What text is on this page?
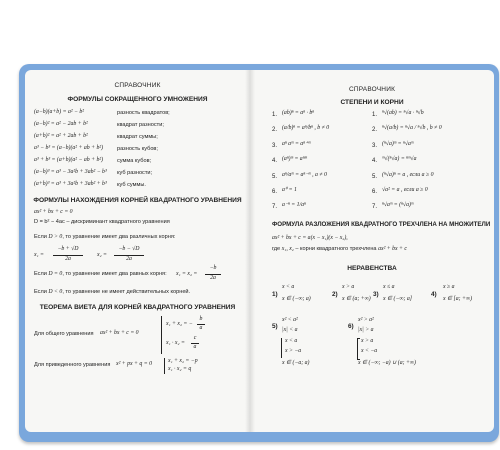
СПРАВОЧНИК
ФОРМУЛЫ СОКРАЩЕННОГО УМНОЖЕНИЯ
(a−b)(a+b) = a² − b²	разность квадратов;
(a−b)² = a² − 2ab + b²	квадрат разности;
(a+b)² = a² + 2ab + b²	квадрат суммы;
a³ − b³ = (a−b)(a² + ab + b²) разность кубов;
a³ + b³ = (a+b)(a² − ab + b²) сумма кубов;
(a−b)³ = a³ − 3a²b + 3ab² − b³ куб разности;
(a+b)³ = a³ + 3a²b + 3ab² + b³ куб суммы.
ФОРМУЛЫ НАХОЖДЕНИЯ КОРНЕЙ КВАДРАТНОГО УРАВНЕНИЯ
ax² + bx + c = 0
D = b² − 4ac – дискриминант квадратного уравнения
Если D > 0, то уравнение имеет два различных корня:
x₁ =
−b + √D
2a
x₂ =
−b − √D
2a
Если D = 0, то уравнение имеет два равных корня: x₁ = x₂ =
−b
2a
Если D < 0, то уравнение не имеет действительных корней.
ТЕОРЕМА ВИЕТА ДЛЯ КОРНЕЙ КВАДРАТНОГО УРАВНЕНИЯ
Для общего уравнения ax² + bx + c = 0
x₁ + x₂ = −
b
a
x₁ · x₂ =
c
a
Для приведенного уравнения x² + px + q = 0	x₁ + x₂ = −p
x₁ · x₂ = q
СПРАВОЧНИК
СТЕПЕНИ И КОРНИ
1. (ab)ⁿ = aⁿ · bⁿ
2. (a/b)ⁿ = aⁿ/bⁿ , b ≠ 0
3. aⁿ aᵐ = aⁿ⁺ᵐ
4. (aⁿ)ᵐ = aⁿᵐ
5. aⁿ/aᵐ = aⁿ⁻ᵐ , a ≠ 0
6. a⁰ = 1
7. a⁻ⁿ = 1/aⁿ
1. ⁿ√(ab) = ⁿ√a · ⁿ√b
2. ⁿ√(a/b) = ⁿ√a / ⁿ√b , b ≠ 0
3. (ⁿ√a)ᵐ = ⁿ√aᵐ
4. ᵐ√(ⁿ√a) = ⁿᵐ√a
5. (ⁿ√a)ⁿ = a , если a ≥ 0
6. √a² = a , если a ≥ 0
7. ⁿ√aᵐ = (ⁿ√a)ᵐ
ФОРМУЛА РАЗЛОЖЕНИЯ КВАДРАТНОГО ТРЕХЧЛЕНА НА МНОЖИТЕЛИ
ax² + bx + c = a(x − x₁)(x − x₂),
где x₁, x₂ – корни квадратного трехчлена ax² + bx + c
НЕРАВЕНСТВА
1)
x < a
x ∈ (−∞; a)
2)
x > a
x ∈ (a; +∞)
3)
x ≤ a
x ∈ (−∞; a]
4)
x ≥ a
x ∈ [a; +∞)
5)
x² < a²
|x| < a
x < a
x > −a
x ∈ (−a; a)
6)
x² > a²
|x| > a
x > a
x < −a
x ∈ (−∞; −a) ∪ (a; +∞)
